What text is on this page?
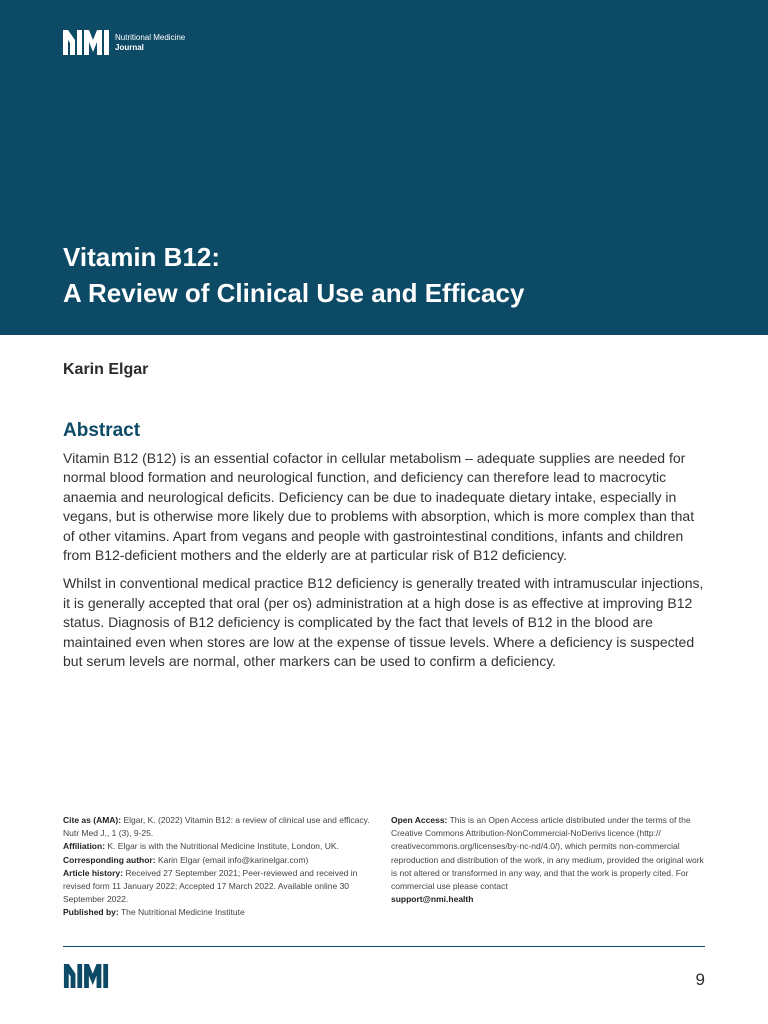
Nutritional Medicine
Journal
Vitamin B12:
A Review of Clinical Use and Efficacy
Karin Elgar
Abstract

Vitamin B12 (B12) is an essential cofactor in cellular metabolism – adequate supplies are needed for normal blood formation and neurological function, and deficiency can therefore lead to macrocytic anaemia and neurological deficits. Deficiency can be due to inadequate dietary intake, especially in vegans, but is otherwise more likely due to problems with absorption, which is more complex than that of other vitamins. Apart from vegans and people with gastrointestinal conditions, infants and children from B12-deficient mothers and the elderly are at particular risk of B12 deficiency.

Whilst in conventional medical practice B12 deficiency is generally treated with intramuscular injections, it is generally accepted that oral (per os) administration at a high dose is as effective at improving B12 status. Diagnosis of B12 deficiency is complicated by the fact that levels of B12 in the blood are maintained even when stores are low at the expense of tissue levels. Where a deficiency is suspected but serum levels are normal, other markers can be used to confirm a deficiency.

Cite as (AMA): Elgar, K. (2022) Vitamin B12: a review of clinical use and efficacy. Nutr Med J., 1 (3), 9-25.
Affiliation: K. Elgar is with the Nutritional Medicine Institute, London, UK.
Corresponding author: Karin Elgar (email info@karinelgar.com)
Article history: Received 27 September 2021; Peer-reviewed and received in revised form 11 January 2022; Accepted 17 March 2022. Available online 30 September 2022.
Published by: The Nutritional Medicine Institute
Open Access: This is an Open Access article distributed under the terms of the Creative Commons Attribution-NonCommercial-NoDerivs licence (http:// creativecommons.org/licenses/by-nc-nd/4.0/), which permits non-commercial reproduction and distribution of the work, in any medium, provided the original work is not altered or transformed in any way, and that the work is properly cited. For commercial use please contact
support@nmi.health
9
